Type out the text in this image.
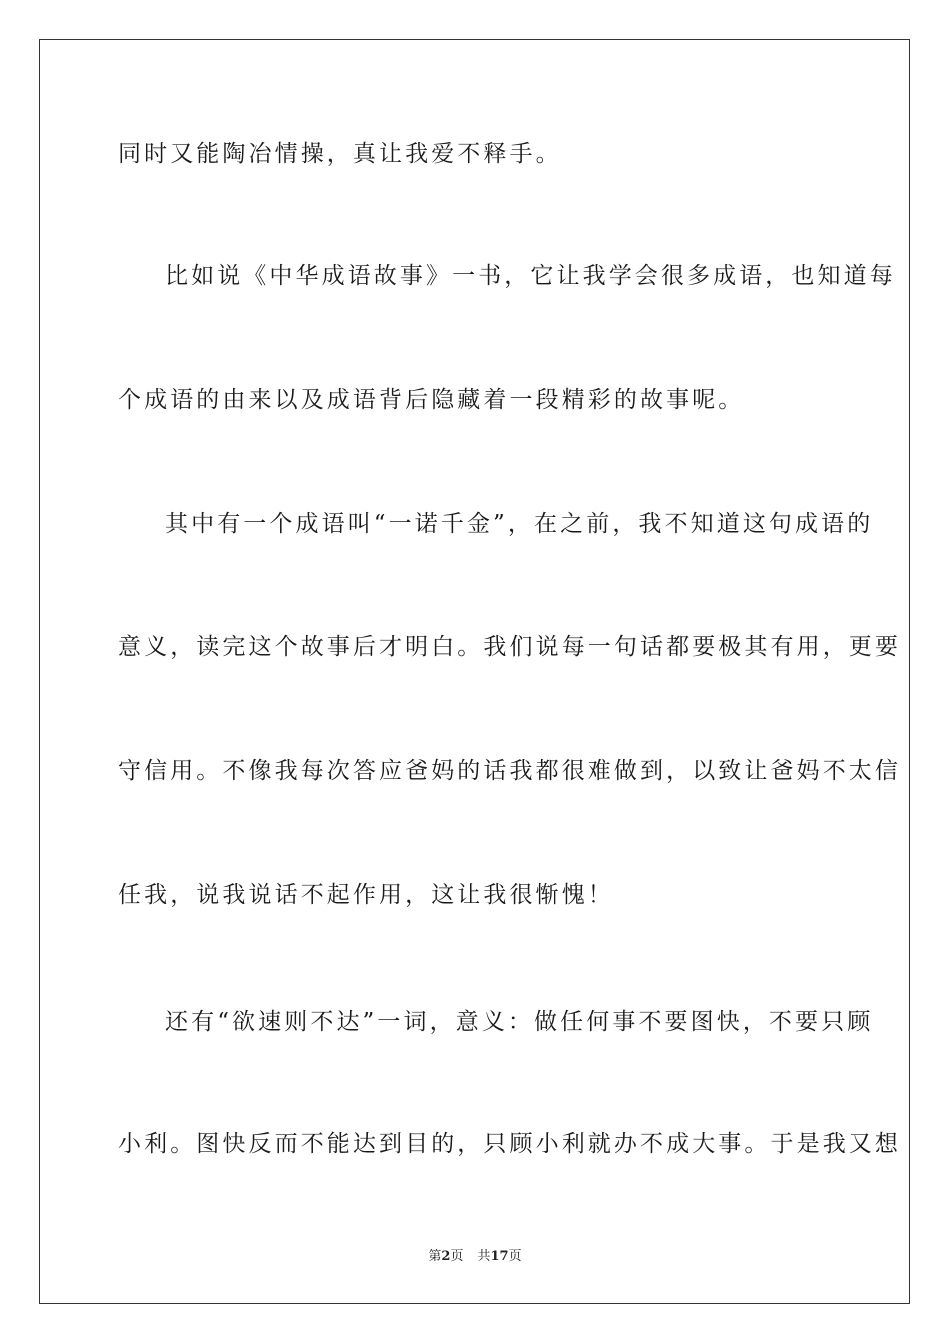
同时又能陶冶情操，真让我爱不释手。
比如说《中华成语故事》一书，它让我学会很多成语，也知道每
个成语的由来以及成语背后隐藏着一段精彩的故事呢。
其中有一个成语叫“一诺千金”，在之前，我不知道这句成语的
意义，读完这个故事后才明白。我们说每一句话都要极其有用，更要
守信用。不像我每次答应爸妈的话我都很难做到，以致让爸妈不太信
任我，说我说话不起作用，这让我很惭愧！
还有“欲速则不达”一词，意义：做任何事不要图快，不要只顾
小利。图快反而不能达到目的，只顾小利就办不成大事。于是我又想
第2页 共17页
